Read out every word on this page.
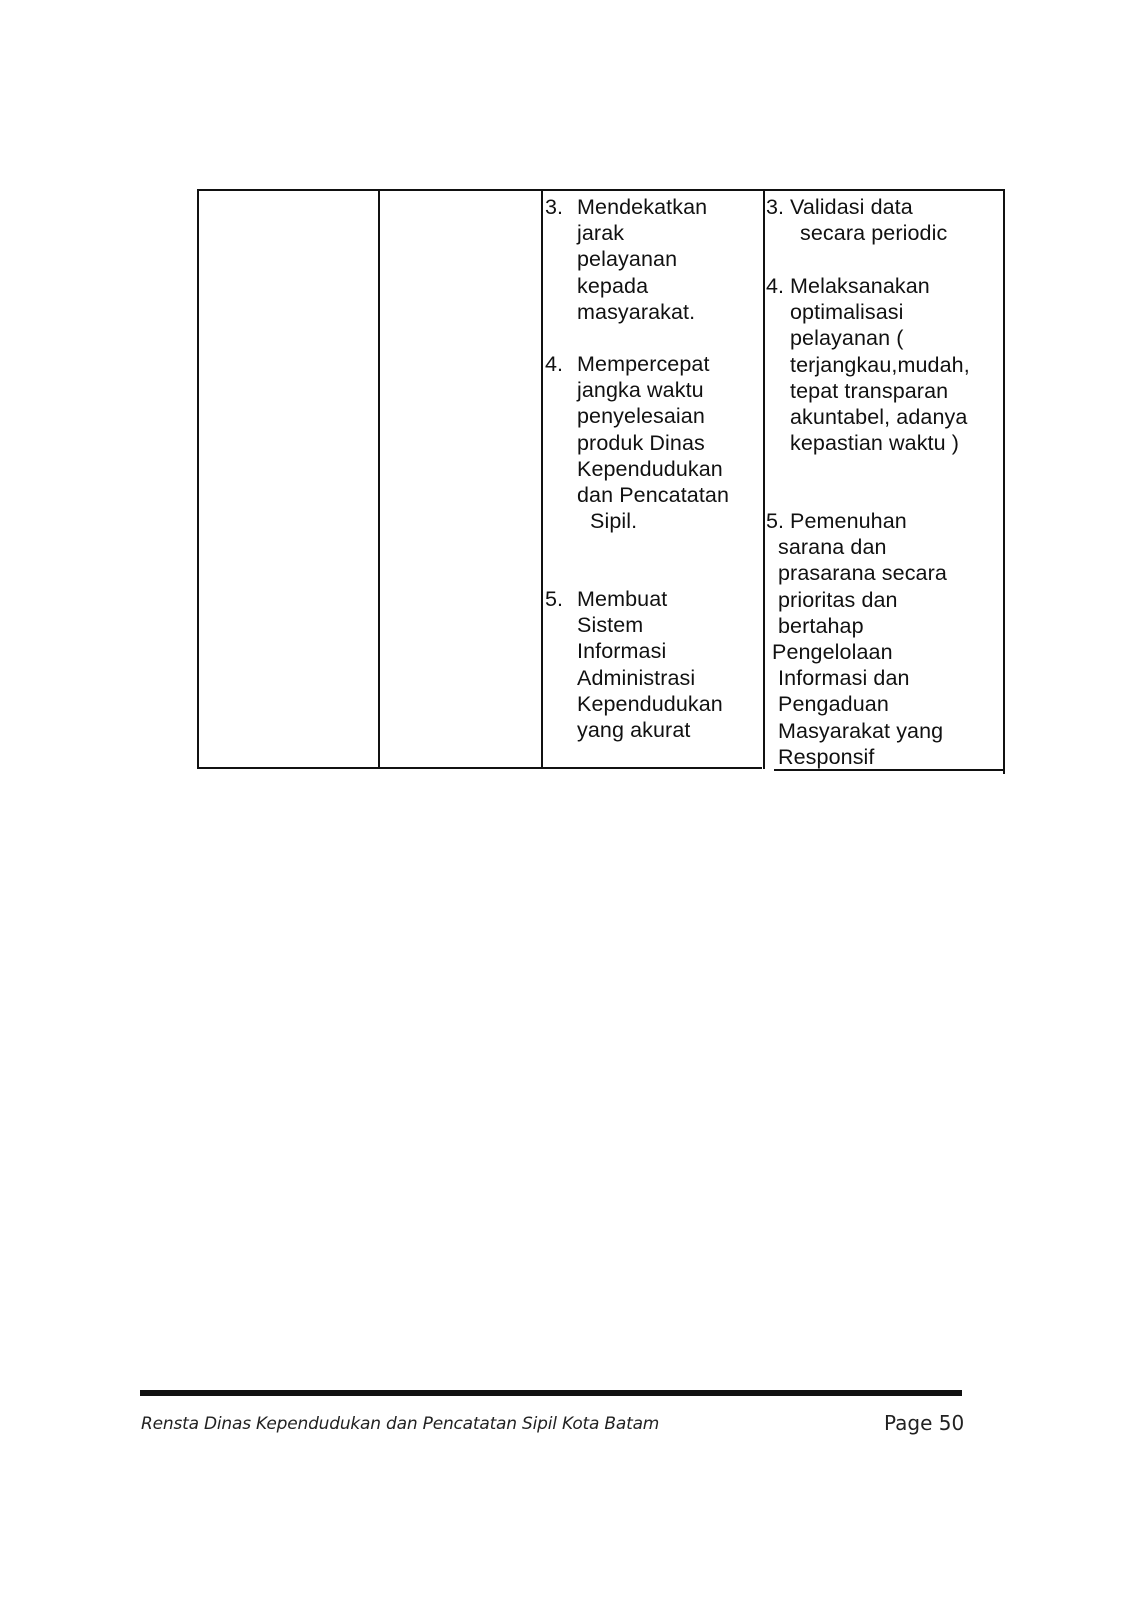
3. Mendekatkan
jarak
pelayanan
kepada
masyarakat.
4. Mempercepat
jangka waktu
penyelesaian
produk Dinas
Kependudukan
dan Pencatatan
Sipil.
5. Membuat
Sistem
Informasi
Administrasi
Kependudukan
yang akurat
3. Validasi data
secara periodic
4. Melaksanakan
optimalisasi
pelayanan (
terjangkau,mudah,
tepat transparan
akuntabel, adanya
kepastian waktu )
5. Pemenuhan
sarana dan
prasarana secara
prioritas dan
bertahap
Pengelolaan
Informasi dan
Pengaduan
Masyarakat yang
Responsif
Rensta Dinas Kependudukan dan Pencatatan Sipil Kota Batam	Page 50
